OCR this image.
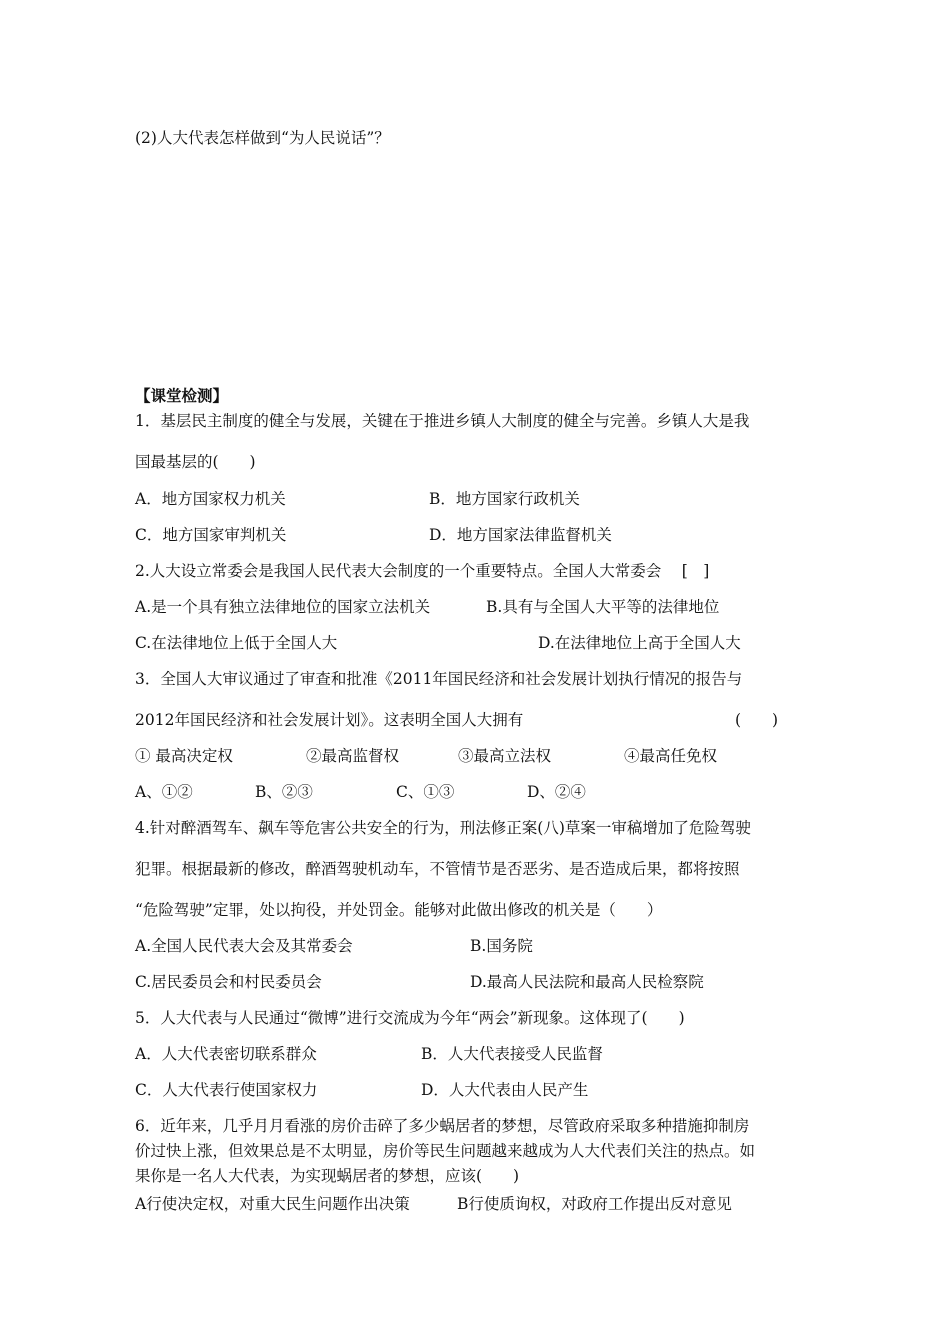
(2)人大代表怎样做到“为人民说话”？
【课堂检测】
1．基层民主制度的健全与发展，关键在于推进乡镇人大制度的健全与完善。乡镇人大是我
国最基层的(　　)
A．地方国家权力机关	B．地方国家行政机关
C．地方国家审判机关	D．地方国家法律监督机关
2.人大设立常委会是我国人民代表大会制度的一个重要特点。全国人大常委会　 [　]
A.是一个具有独立法律地位的国家立法机关	B.具有与全国人大平等的法律地位
C.在法律地位上低于全国人大	D.在法律地位上高于全国人大
3．全国人大审议通过了审查和批准《2011年国民经济和社会发展计划执行情况的报告与
2012年国民经济和社会发展计划》。这表明全国人大拥有	(　　)
① 最高决定权	②最高监督权	③最高立法权	④最高任免权
A、①②	B、②③	C、①③	D、②④
4.针对醉酒驾车、飙车等危害公共安全的行为，刑法修正案(八)草案一审稿增加了危险驾驶
犯罪。根据最新的修改，醉酒驾驶机动车，不管情节是否恶劣、是否造成后果，都将按照
“危险驾驶”定罪，处以拘役，并处罚金。能够对此做出修改的机关是（　　）
A.全国人民代表大会及其常委会	B.国务院
C.居民委员会和村民委员会	D.最高人民法院和最高人民检察院
5．人大代表与人民通过“微博”进行交流成为今年“两会”新现象。这体现了(　　)
A．人大代表密切联系群众	B．人大代表接受人民监督
C．人大代表行使国家权力	D．人大代表由人民产生
6．近年来，几乎月月看涨的房价击碎了多少蜗居者的梦想，尽管政府采取多种措施抑制房
价过快上涨，但效果总是不太明显，房价等民生问题越来越成为人大代表们关注的热点。如
果你是一名人大代表，为实现蜗居者的梦想，应该(　　)
A行使决定权，对重大民生问题作出决策	B行使质询权，对政府工作提出反对意见
